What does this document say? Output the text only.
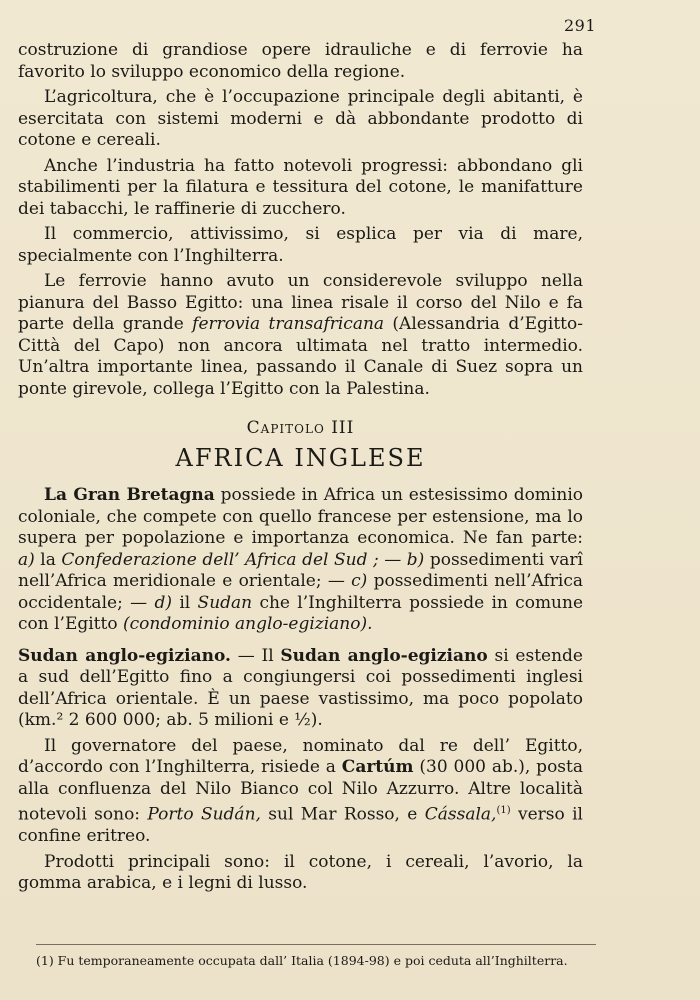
291

costruzione di grandiose opere idrauliche e di ferrovie ha favorito lo sviluppo economico della regione.

L’agricoltura, che è l’occupazione principale degli abitanti, è esercitata con sistemi moderni e dà abbondante prodotto di cotone e cereali.

Anche l’industria ha fatto notevoli progressi: abbondano gli stabilimenti per la filatura e tessitura del cotone, le manifatture dei tabacchi, le raffinerie di zucchero.

Il commercio, attivissimo, si esplica per via di mare, specialmente con l’Inghilterra.

Le ferrovie hanno avuto un considerevole sviluppo nella pianura del Basso Egitto: una linea risale il corso del Nilo e fa parte della grande ferrovia transafricana (Alessandria d’Egitto-Città del Capo) non ancora ultimata nel tratto intermedio. Un’altra importante linea, passando il Canale di Suez sopra un ponte girevole, collega l’Egitto con la Palestina.

Capitolo III
AFRICA INGLESE

La Gran Bretagna possiede in Africa un estesissimo dominio coloniale, che compete con quello francese per estensione, ma lo supera per popolazione e importanza economica. Ne fan parte: a) la Confederazione dell’ Africa del Sud ; — b) possedimenti varî nell’Africa meridionale e orientale; — c) possedimenti nell’Africa occidentale; — d) il Sudan che l’Inghilterra possiede in comune con l’Egitto (condominio anglo-egiziano).

Sudan anglo-egiziano. — Il Sudan anglo-egiziano si estende a sud dell’Egitto fino a congiungersi coi possedimenti inglesi dell’Africa orientale. È un paese vastissimo, ma poco popolato (km.² 2 600 000; ab. 5 milioni e ½).

Il governatore del paese, nominato dal re dell’ Egitto, d’accordo con l’Inghilterra, risiede a Cartúm (30 000 ab.), posta alla confluenza del Nilo Bianco col Nilo Azzurro. Altre località notevoli sono: Porto Sudán, sul Mar Rosso, e Cássala,$^{(1)}$ verso il confine eritreo.

Prodotti principali sono: il cotone, i cereali, l’avorio, la gomma arabica, e i legni di lusso.

(1) Fu temporaneamente occupata dall’ Italia (1894-98) e poi ceduta all’Inghilterra.
